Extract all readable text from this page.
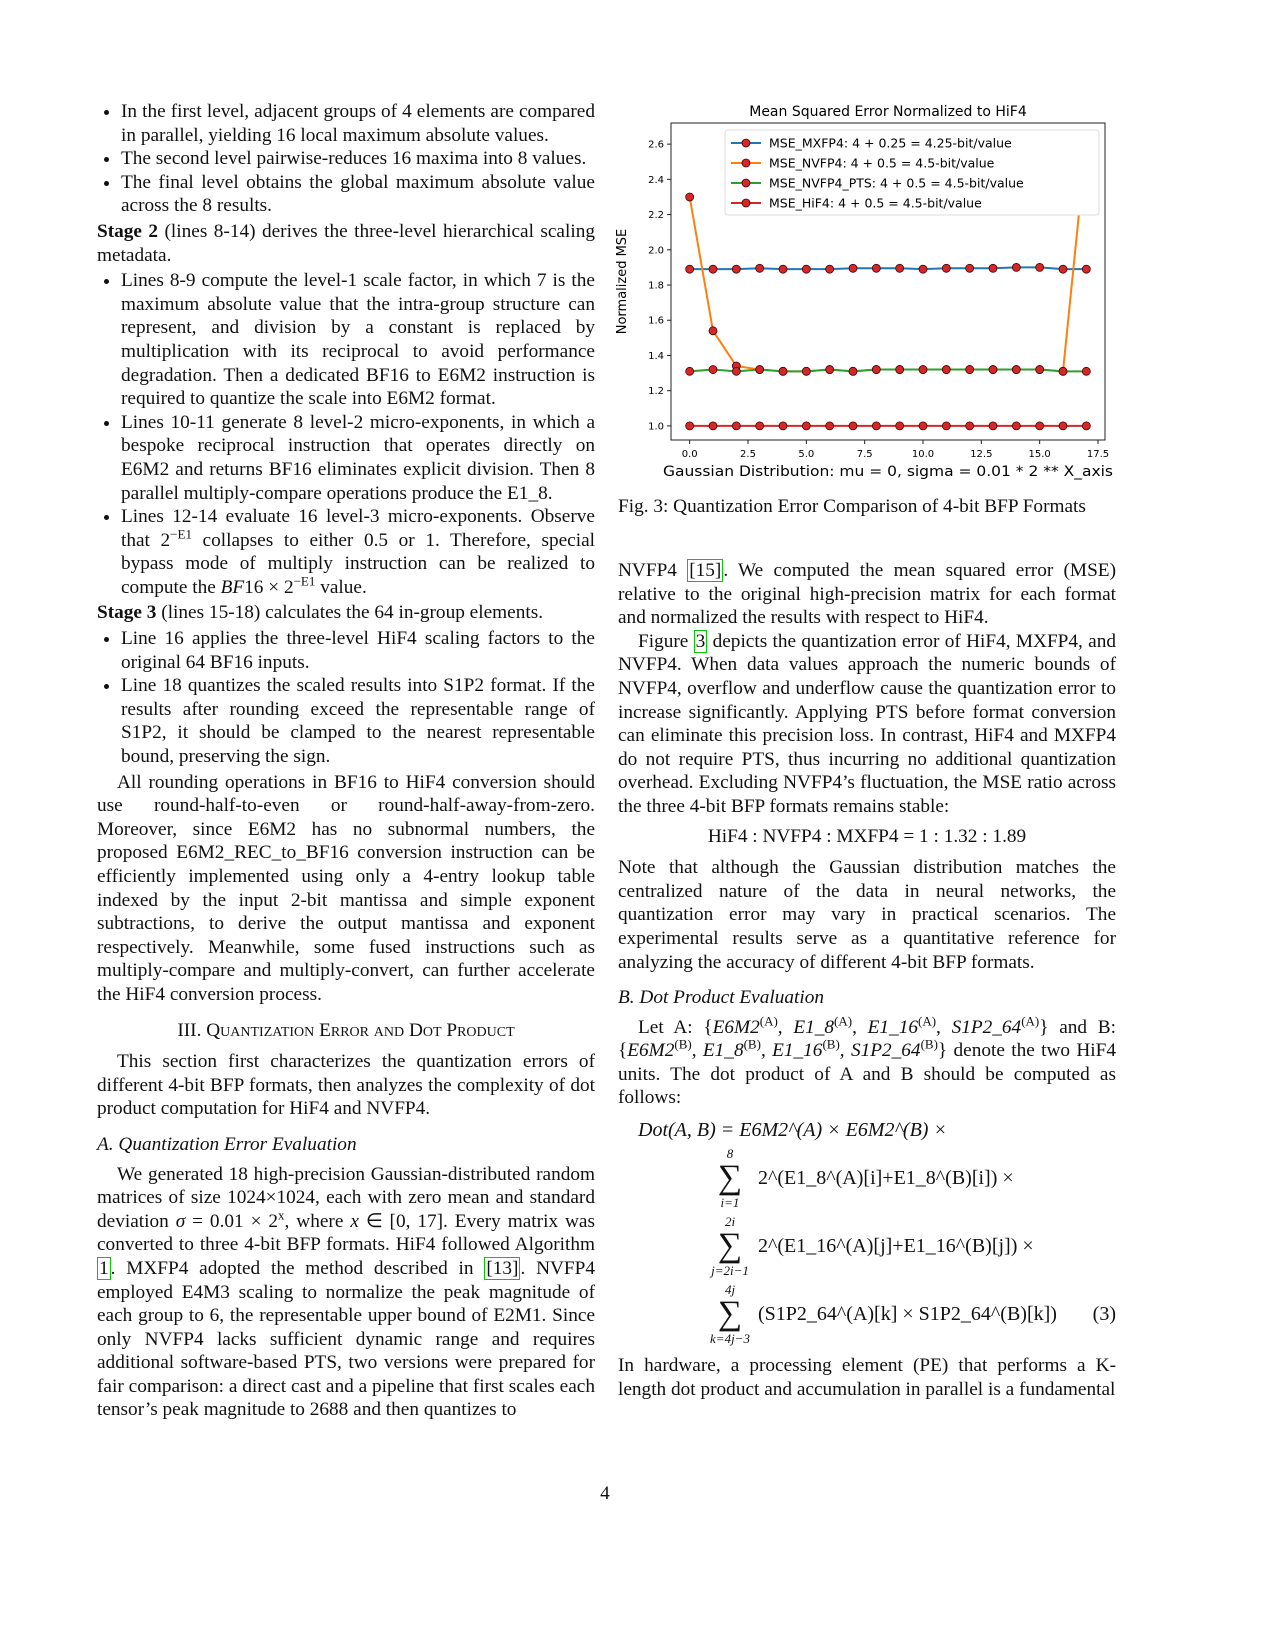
• In the first level, adjacent groups of 4 elements are compared in parallel, yielding 16 local maximum absolute values.
• The second level pairwise-reduces 16 maxima into 8 values.
• The final level obtains the global maximum absolute value across the 8 results.

Stage 2 (lines 8-14) derives the three-level hierarchical scaling metadata.

• Lines 8-9 compute the level-1 scale factor, in which 7 is the maximum absolute value that the intra-group structure can represent, and division by a constant is replaced by multiplication with its reciprocal to avoid performance degradation. Then a dedicated BF16 to E6M2 instruction is required to quantize the scale into E6M2 format.
• Lines 10-11 generate 8 level-2 micro-exponents, in which a bespoke reciprocal instruction that operates directly on E6M2 and returns BF16 eliminates explicit division. Then 8 parallel multiply-compare operations produce the E1_8.
• Lines 12-14 evaluate 16 level-3 micro-exponents. Observe that $2^{-E1}$ collapses to either 0.5 or 1. Therefore, special bypass mode of multiply instruction can be realized to compute the $BF16 \times 2^{-E1}$ value.

Stage 3 (lines 15-18) calculates the 64 in-group elements.

• Line 16 applies the three-level HiF4 scaling factors to the original 64 BF16 inputs.
• Line 18 quantizes the scaled results into S1P2 format. If the results after rounding exceed the representable range of S1P2, it should be clamped to the nearest representable bound, preserving the sign.

All rounding operations in BF16 to HiF4 conversion should use round-half-to-even or round-half-away-from-zero. Moreover, since E6M2 has no subnormal numbers, the proposed E6M2_REC_to_BF16 conversion instruction can be efficiently implemented using only a 4-entry lookup table indexed by the input 2-bit mantissa and simple exponent subtractions, to derive the output mantissa and exponent respectively. Meanwhile, some fused instructions such as multiply-compare and multiply-convert, can further accelerate the HiF4 conversion process.

III. Quantization Error and Dot Product

This section first characterizes the quantization errors of different 4-bit BFP formats, then analyzes the complexity of dot product computation for HiF4 and NVFP4.

A. Quantization Error Evaluation

We generated 18 high-precision Gaussian-distributed random matrices of size 1024×1024, each with zero mean and standard deviation $\sigma = 0.01 \times 2^x$, where x ∈ [0, 17]. Every matrix was converted to three 4-bit BFP formats. HiF4 followed Algorithm 1 . MXFP4 adopted the method described in [13] . NVFP4 employed E4M3 scaling to normalize the peak magnitude of each group to 6, the representable upper bound of E2M1. Since only NVFP4 lacks sufficient dynamic range and requires additional software-based PTS, two versions were prepared for fair comparison: a direct cast and a pipeline that first scales each tensor’s peak magnitude to 2688 and then quantizes to

NVFP4 [15] . We computed the mean squared error (MSE) relative to the original high-precision matrix for each format and normalized the results with respect to HiF4.

Figure 3 depicts the quantization error of HiF4, MXFP4, and NVFP4. When data values approach the numeric bounds of NVFP4, overflow and underflow cause the quantization error to increase significantly. Applying PTS before format conversion can eliminate this precision loss. In contrast, HiF4 and MXFP4 do not require PTS, thus incurring no additional quantization overhead. Excluding NVFP4’s fluctuation, the MSE ratio across the three 4-bit BFP formats remains stable:

HiF4 : NVFP4 : MXFP4 = 1 : 1.32 : 1.89

Note that although the Gaussian distribution matches the centralized nature of the data in neural networks, the quantization error may vary in practical scenarios. The experimental results serve as a quantitative reference for analyzing the accuracy of different 4-bit BFP formats.

B. Dot Product Evaluation

Let A: {$E6M2^{(A)}$, $E1\_8^{(A)}$, $E1\_16^{(A)}$, $S1P2\_64^{(A)}$} and B: {$E6M2^{(B)}$, $E1\_8^{(B)}$, $E1\_16^{(B)}$, $S1P2\_64^{(B)}$} denote the two HiF4 units. The dot product of A and B should be computed as follows:

Dot(A, B) = E6M2^(A) × E6M2^(B) ×
8
∑
i=1
2^(E1_8^(A)[i]+E1_8^(B)[i]) ×
2i
∑
j=2i−1
2^(E1_16^(A)[j]+E1_16^(B)[j]) ×
4j
∑
k=4j−3
(S1P2_64^(A)[k] × S1P2_64^(B)[k])	(3)

In hardware, a processing element (PE) that performs a K-length dot product and accumulation in parallel is a fundamental

Mean Squared Error Normalized to HiF4
0.0	2.5	5.0	7.5	10.0	12.5	15.0	17.5
1.0
1.2
1.4
1.6
1.8
2.0
2.2
2.4
2.6
Gaussian Distribution: mu = 0, sigma = 0.01 * 2 ** X_axis
Normalized MSE
MSE_MXFP4: 4 + 0.25 = 4.25-bit/value
MSE_NVFP4: 4 + 0.5 = 4.5-bit/value
MSE_NVFP4_PTS: 4 + 0.5 = 4.5-bit/value
MSE_HiF4: 4 + 0.5 = 4.5-bit/value
Fig. 3: Quantization Error Comparison of 4-bit BFP Formats
4
